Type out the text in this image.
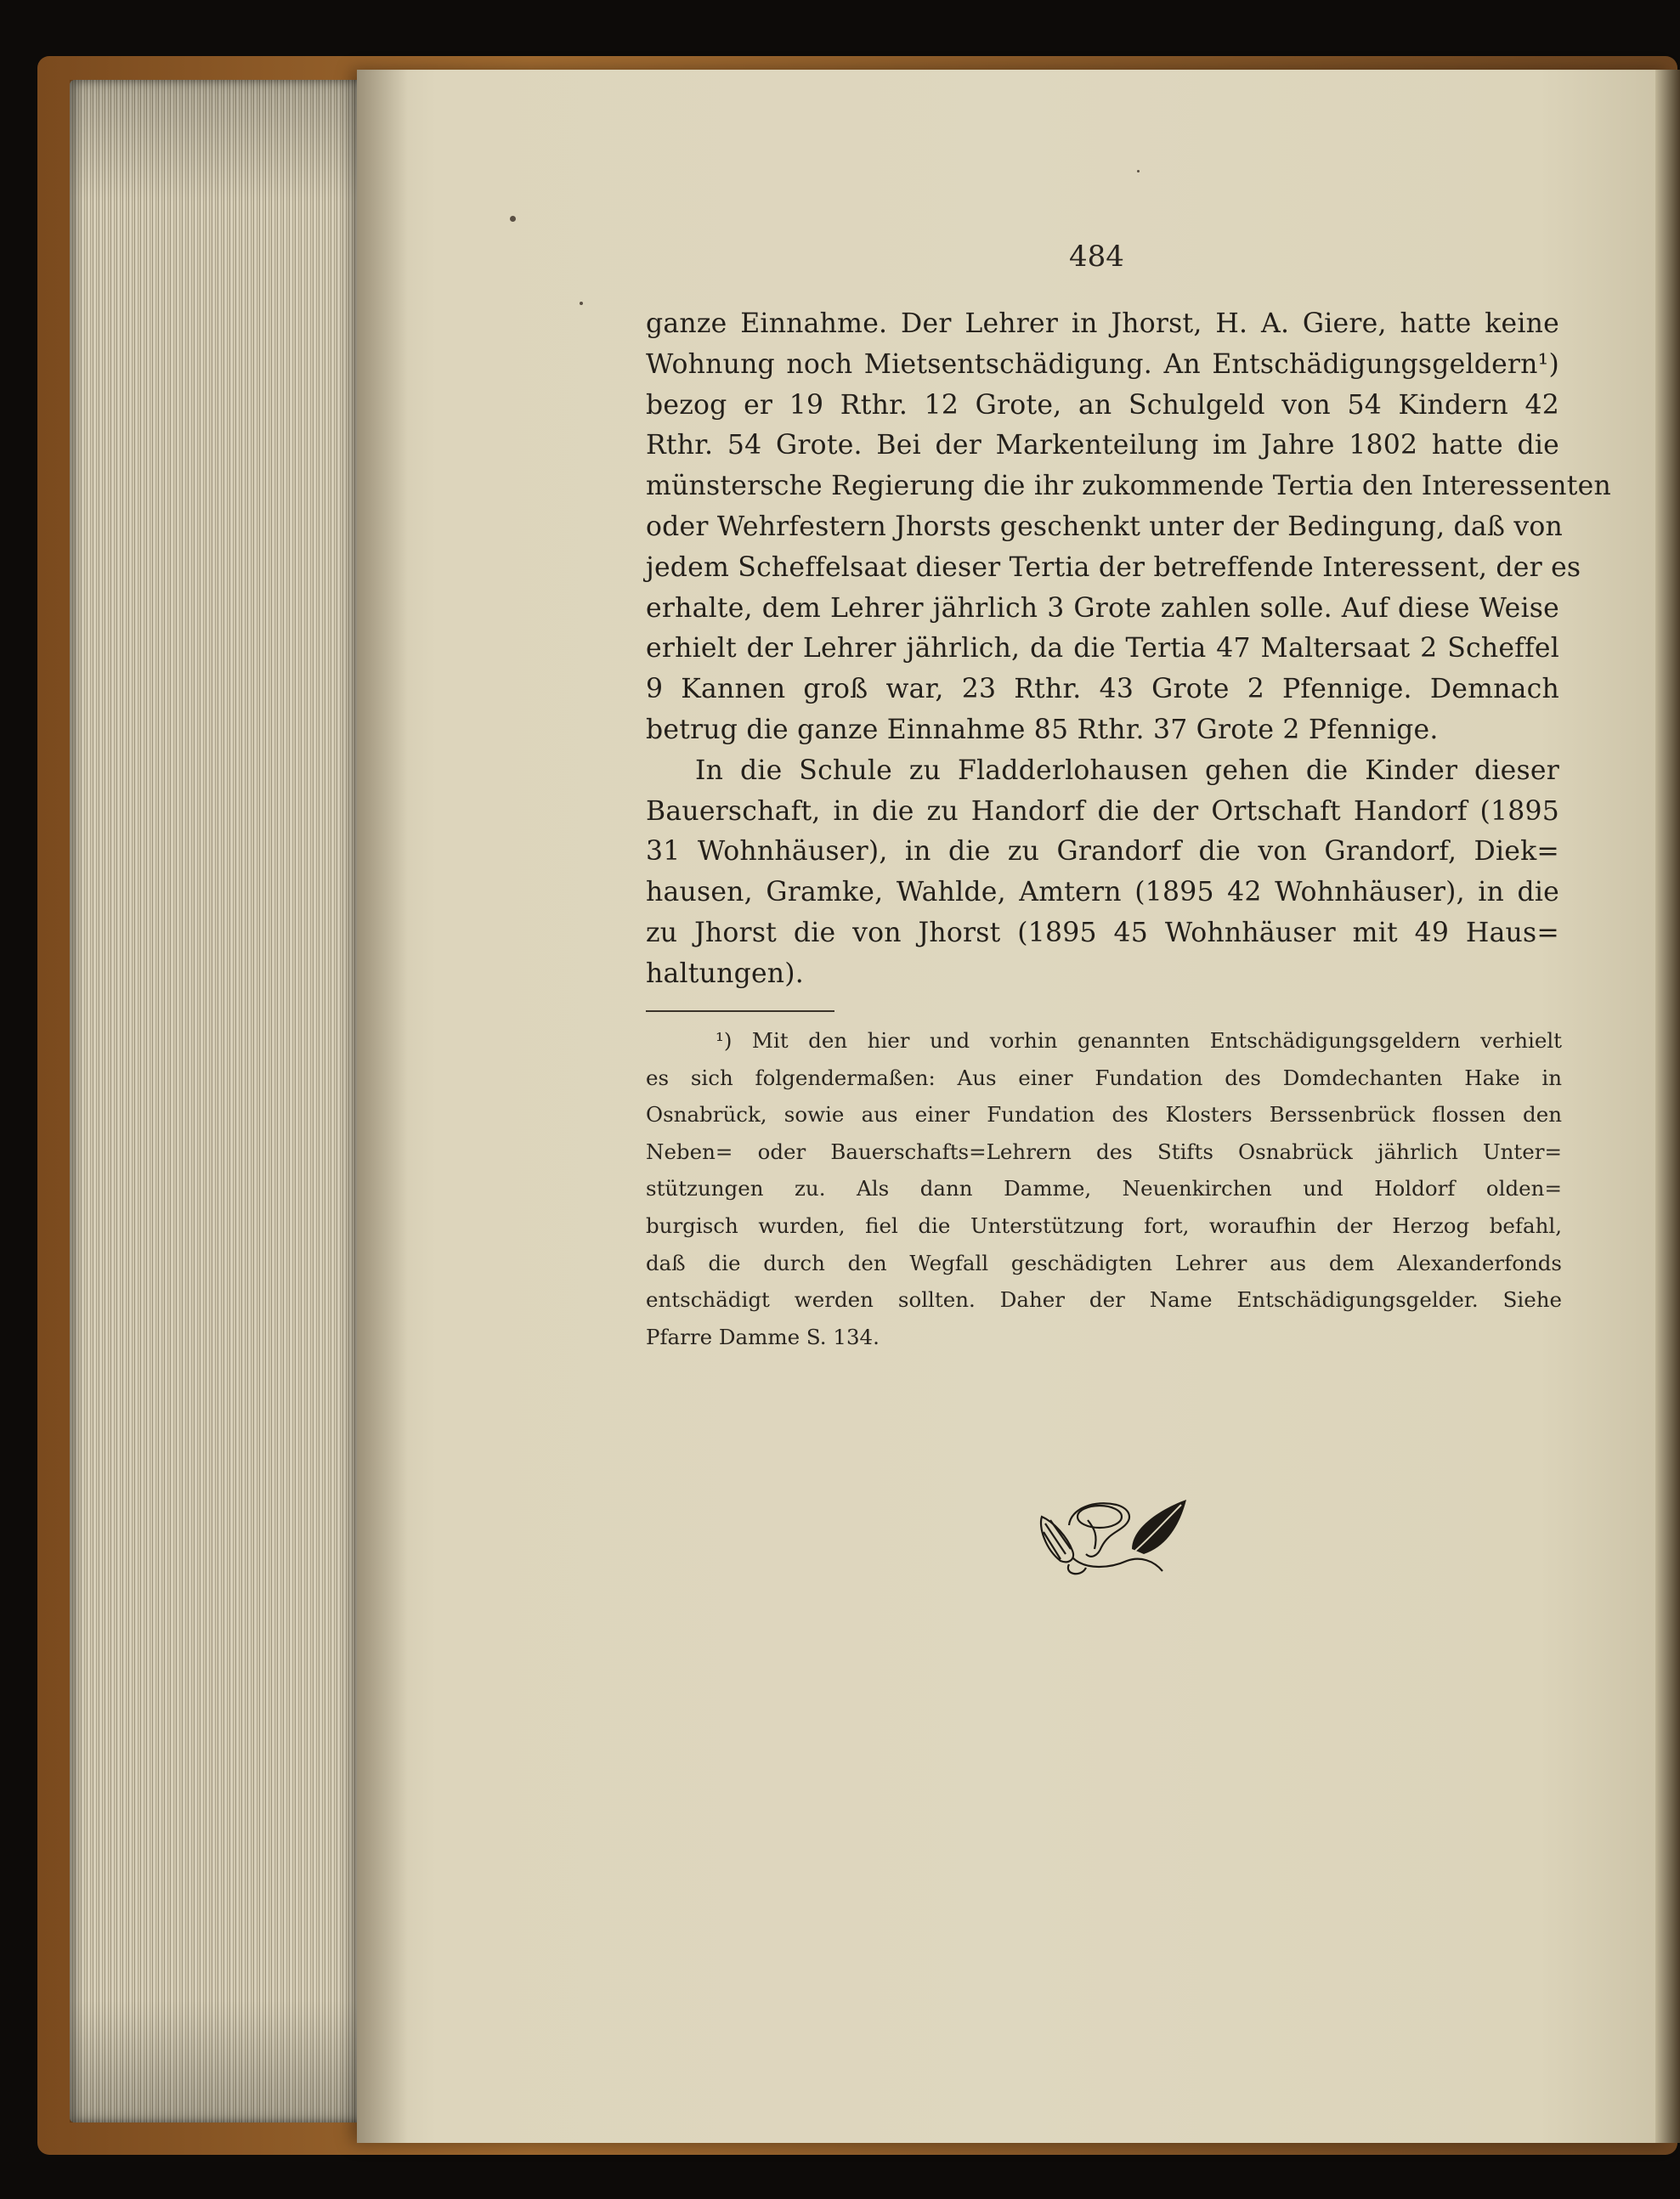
484
ganze Einnahme. Der Lehrer in Jhorst, H. A. Giere, hatte keine
Wohnung noch Mietsentschädigung. An Entschädigungsgeldern¹)
bezog er 19 Rthr. 12 Grote, an Schulgeld von 54 Kindern 42
Rthr. 54 Grote. Bei der Markenteilung im Jahre 1802 hatte die
münstersche Regierung die ihr zukommende Tertia den Interessenten
oder Wehrfestern Jhorsts geschenkt unter der Bedingung, daß von
jedem Scheffelsaat dieser Tertia der betreffende Interessent, der es
erhalte, dem Lehrer jährlich 3 Grote zahlen solle. Auf diese Weise
erhielt der Lehrer jährlich, da die Tertia 47 Maltersaat 2 Scheffel
9 Kannen groß war, 23 Rthr. 43 Grote 2 Pfennige. Demnach
betrug die ganze Einnahme 85 Rthr. 37 Grote 2 Pfennige.
In die Schule zu Fladderlohausen gehen die Kinder dieser
Bauerschaft, in die zu Handorf die der Ortschaft Handorf (1895
31 Wohnhäuser), in die zu Grandorf die von Grandorf, Diek=
hausen, Gramke, Wahlde, Amtern (1895 42 Wohnhäuser), in die
zu Jhorst die von Jhorst (1895 45 Wohnhäuser mit 49 Haus=
haltungen).
¹) Mit den hier und vorhin genannten Entschädigungsgeldern verhielt
es sich folgendermaßen: Aus einer Fundation des Domdechanten Hake in
Osnabrück, sowie aus einer Fundation des Klosters Berssenbrück flossen den
Neben= oder Bauerschafts=Lehrern des Stifts Osnabrück jährlich Unter=
stützungen zu. Als dann Damme, Neuenkirchen und Holdorf olden=
burgisch wurden, fiel die Unterstützung fort, woraufhin der Herzog befahl,
daß die durch den Wegfall geschädigten Lehrer aus dem Alexanderfonds
entschädigt werden sollten. Daher der Name Entschädigungsgelder. Siehe
Pfarre Damme S. 134.
